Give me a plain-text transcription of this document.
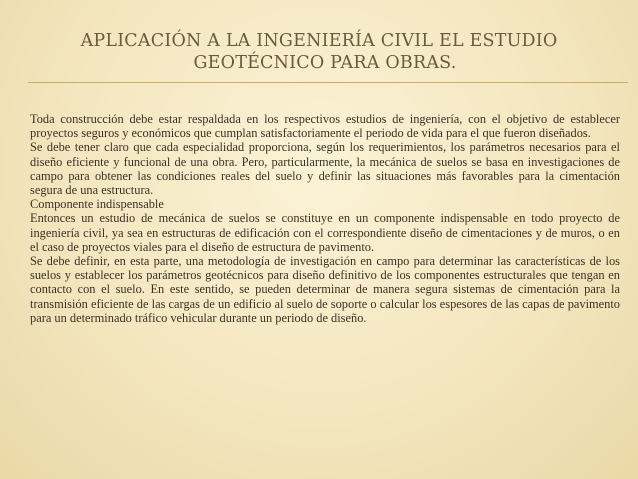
APLICACIÓN A LA INGENIERÍA CIVIL EL ESTUDIO
GEOTÉCNICO PARA OBRAS.

Toda construcción debe estar respaldada en los respectivos estudios de ingeniería, con el objetivo de establecer proyectos seguros y económicos que cumplan satisfactoriamente el periodo de vida para el que fueron diseñados.

Se debe tener claro que cada especialidad proporciona, según los requerimientos, los parámetros necesarios para el diseño eficiente y funcional de una obra. Pero, particularmente, la mecánica de suelos se basa en investigaciones de campo para obtener las condiciones reales del suelo y definir las situaciones más favorables para la cimentación segura de una estructura.

Componente indispensable

Entonces un estudio de mecánica de suelos se constituye en un componente indispensable en todo proyecto de ingeniería civil, ya sea en estructuras de edificación con el correspondiente diseño de cimentaciones y de muros, o en el caso de proyectos viales para el diseño de estructura de pavimento.

Se debe definir, en esta parte, una metodología de investigación en campo para determinar las características de los suelos y establecer los parámetros geotécnicos para diseño definitivo de los componentes estructurales que tengan en contacto con el suelo. En este sentido, se pueden determinar de manera segura sistemas de cimentación para la transmisión eficiente de las cargas de un edificio al suelo de soporte o calcular los espesores de las capas de pavimento para un determinado tráfico vehicular durante un periodo de diseño.
